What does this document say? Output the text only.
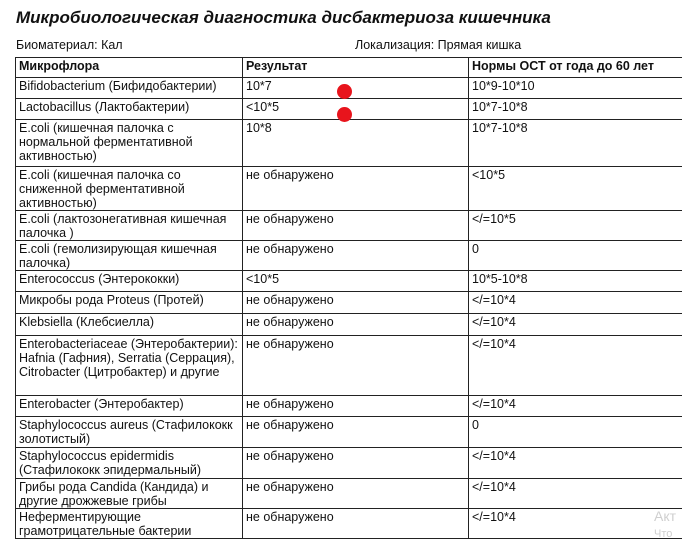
Микробиологическая диагностика дисбактериоза кишечника
Биоматериал: Кал	Локализация: Прямая кишка
Микрофлора	Результат	Нормы ОСТ от года до 60 лет
Bifidobacterium (Бифидобактерии)	10*7	10*9-10*10
Lactobacillus (Лактобактерии)	<10*5	10*7-10*8
E.coli (кишечная палочка с нормальной ферментативной активностью)	10*8	10*7-10*8
E.coli (кишечная палочка со сниженной ферментативной активностью)	не обнаружено	<10*5
E.coli (лактозонегативная кишечная палочка )	не обнаружено	</=10*5
E.coli (гемолизирующая кишечная палочка)	не обнаружено	0
Enterococcus (Энтерококки)	<10*5	10*5-10*8
Микробы рода Proteus (Протей)	не обнаружено	</=10*4
Klebsiella (Клебсиелла)	не обнаружено	</=10*4
Enterobacteriaceae (Энтеробактерии): Hafnia (Гафния), Serratia (Серрация), Citrobacter (Цитробактер) и другие	не обнаружено	</=10*4
Enterobacter (Энтеробактер)	не обнаружено	</=10*4
Staphylococcus aureus (Стафилококк золотистый)	не обнаружено	0
Staphylococcus epidermidis (Стафилококк эпидермальный)	не обнаружено	</=10*4
Грибы рода Candida (Кандида) и другие дрожжевые грибы	не обнаружено	</=10*4
Неферментирующие грамотрицательные бактерии	не обнаружено	</=10*4	Акт
Что
